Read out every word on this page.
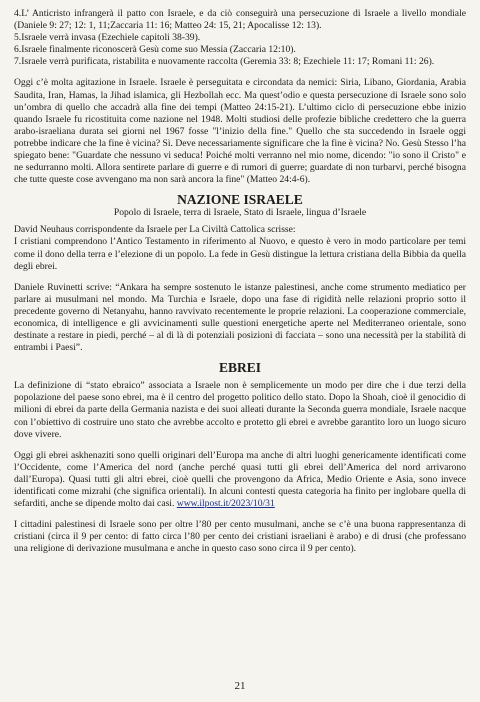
4.L’ Anticristo infrangerà il patto con Israele, e da ciò conseguirà una persecuzione di Israele a livello mondiale (Daniele 9: 27; 12: 1, 11;Zaccaria 11: 16; Matteo 24: 15, 21; Apocalisse 12: 13).

5.Israele verrà invasa (Ezechiele capitoli 38-39).

6.Israele finalmente riconoscerà Gesù come suo Messia (Zaccaria 12:10).

7.Israele verrà purificata, ristabilita e nuovamente raccolta (Geremia 33: 8; Ezechiele 11: 17; Romani 11: 26).

Oggi c’è molta agitazione in Israele. Israele è perseguitata e circondata da nemici: Siria, Libano, Giordania, Arabia Saudita, Iran, Hamas, la Jihad islamica, gli Hezbollah ecc. Ma quest’odio e questa persecuzione di Israele sono solo un’ombra di quello che accadrà alla fine dei tempi (Matteo 24:15-21). L’ultimo ciclo di persecuzione ebbe inizio quando Israele fu ricostituita come nazione nel 1948. Molti studiosi delle profezie bibliche credettero che la guerra arabo-israeliana durata sei giorni nel 1967 fosse "l’inizio della fine." Quello che sta succedendo in Israele oggi potrebbe indicare che la fine è vicina? Sì. Deve necessariamente significare che la fine è vicina? No. Gesù Stesso l’ha spiegato bene: "Guardate che nessuno vi seduca! Poiché molti verranno nel mio nome, dicendo: "io sono il Cristo" e ne sedurranno molti. Allora sentirete parlare di guerre e di rumori di guerre; guardate di non turbarvi, perché bisogna che tutte queste cose avvengano ma non sarà ancora la fine" (Matteo 24:4-6).

NAZIONE ISRAELE
Popolo di Israele, terra di Israele, Stato di Israele, lingua d’Israele

David Neuhaus corrispondente da Israele per La Civiltà Cattolica scrisse:

I cristiani comprendono l’Antico Testamento in riferimento al Nuovo, e questo è vero in modo particolare per temi come il dono della terra e l’elezione di un popolo. La fede in Gesù distingue la lettura cristiana della Bibbia da quella degli ebrei.

Daniele Ruvinetti scrive: “Ankara ha sempre sostenuto le istanze palestinesi, anche come strumento mediatico per parlare ai musulmani nel mondo. Ma Turchia e Israele, dopo una fase di rigidità nelle relazioni proprio sotto il precedente governo di Netanyahu, hanno ravvivato recentemente le proprie relazioni. La cooperazione commerciale, economica, di intelligence e gli avvicinamenti sulle questioni energetiche aperte nel Mediterraneo orientale, sono destinate a restare in piedi, perché – al di là di potenziali posizioni di facciata – sono una necessità per la stabilità di entrambi i Paesi”.

EBREI

La definizione di “stato ebraico” associata a Israele non è semplicemente un modo per dire che i due terzi della popolazione del paese sono ebrei, ma è il centro del progetto politico dello stato. Dopo la Shoah, cioè il genocidio di milioni di ebrei da parte della Germania nazista e dei suoi alleati durante la Seconda guerra mondiale, Israele nacque con l’obiettivo di costruire uno stato che avrebbe accolto e protetto gli ebrei e avrebbe garantito loro un luogo sicuro dove vivere.

Oggi gli ebrei askhenaziti sono quelli originari dell’Europa ma anche di altri luoghi genericamente identificati come l’Occidente, come l’America del nord (anche perché quasi tutti gli ebrei dell’America del nord arrivarono dall’Europa). Quasi tutti gli altri ebrei, cioè quelli che provengono da Africa, Medio Oriente e Asia, sono invece identificati come mizrahi (che significa orientali). In alcuni contesti questa categoria ha finito per inglobare quella di sefarditi, anche se dipende molto dai casi. www.ilpost.it/2023/10/31

I cittadini palestinesi di Israele sono per oltre l’80 per cento musulmani, anche se c’è una buona rappresentanza di cristiani (circa il 9 per cento: di fatto circa l’80 per cento dei cristiani israeliani è arabo) e di drusi (che professano una religione di derivazione musulmana e anche in questo caso sono circa il 9 per cento).

21
